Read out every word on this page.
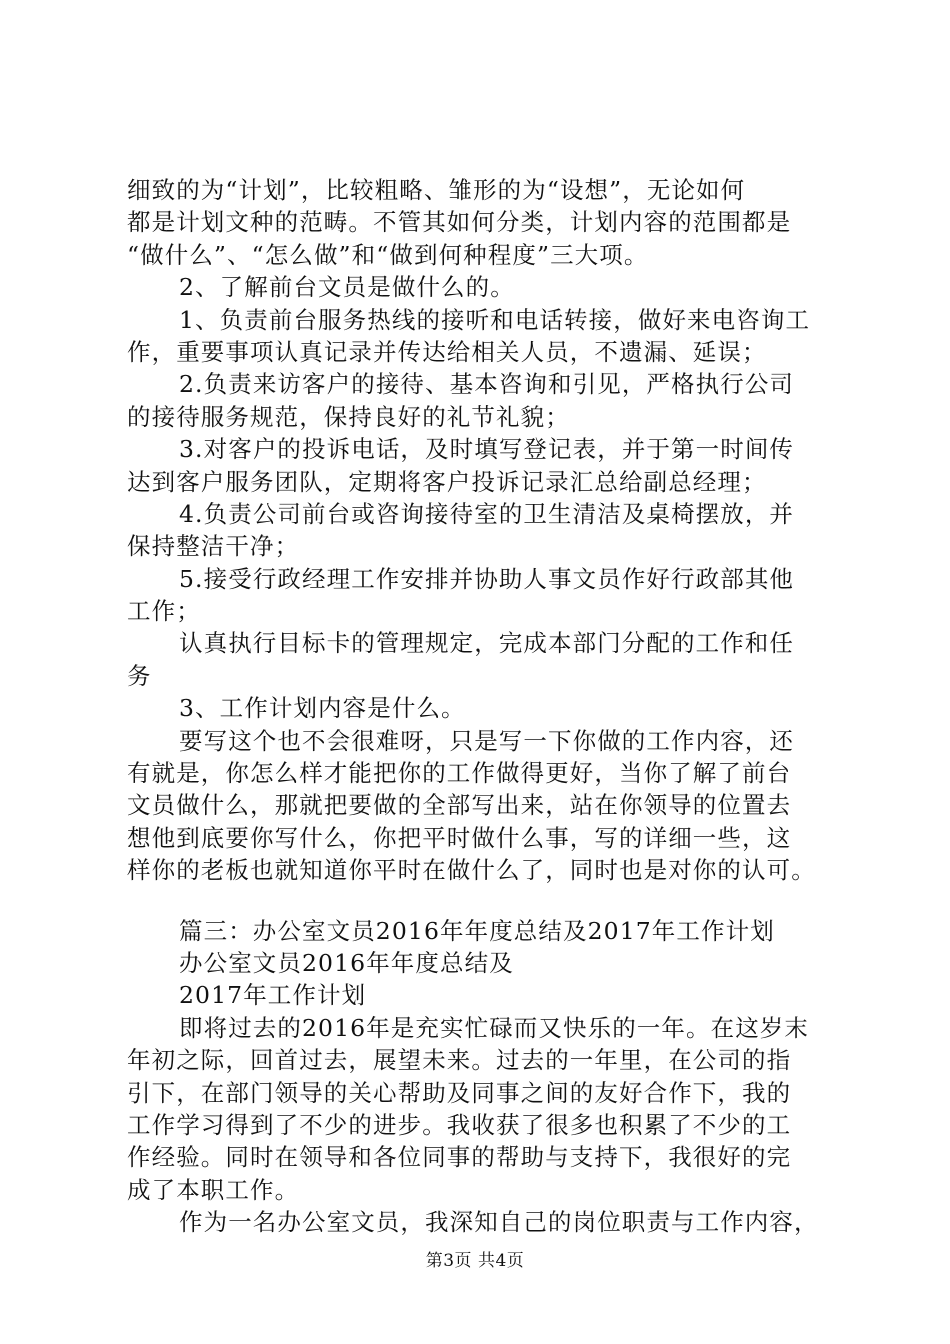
细致的为“计划”，比较粗略、雏形的为“设想”，无论如何
都是计划文种的范畴。不管其如何分类，计划内容的范围都是
“做什么”、“怎么做”和“做到何种程度”三大项。
2、了解前台文员是做什么的。
1、负责前台服务热线的接听和电话转接，做好来电咨询工
作，重要事项认真记录并传达给相关人员，不遗漏、延误；
2.负责来访客户的接待、基本咨询和引见，严格执行公司
的接待服务规范，保持良好的礼节礼貌；
3.对客户的投诉电话，及时填写登记表，并于第一时间传
达到客户服务团队，定期将客户投诉记录汇总给副总经理；
4.负责公司前台或咨询接待室的卫生清洁及桌椅摆放，并
保持整洁干净；
5.接受行政经理工作安排并协助人事文员作好行政部其他
工作；
认真执行目标卡的管理规定，完成本部门分配的工作和任
务
3、工作计划内容是什么。
要写这个也不会很难呀，只是写一下你做的工作内容，还
有就是，你怎么样才能把你的工作做得更好，当你了解了前台
文员做什么，那就把要做的全部写出来，站在你领导的位置去
想他到底要你写什么，你把平时做什么事，写的详细一些，这
样你的老板也就知道你平时在做什么了，同时也是对你的认可。
篇三：办公室文员2016年年度总结及2017年工作计划
办公室文员2016年年度总结及
2017年工作计划
即将过去的2016年是充实忙碌而又快乐的一年。在这岁末
年初之际，回首过去，展望未来。过去的一年里，在公司的指
引下，在部门领导的关心帮助及同事之间的友好合作下，我的
工作学习得到了不少的进步。我收获了很多也积累了不少的工
作经验。同时在领导和各位同事的帮助与支持下，我很好的完
成了本职工作。
作为一名办公室文员，我深知自己的岗位职责与工作内容，
第3页 共4页
